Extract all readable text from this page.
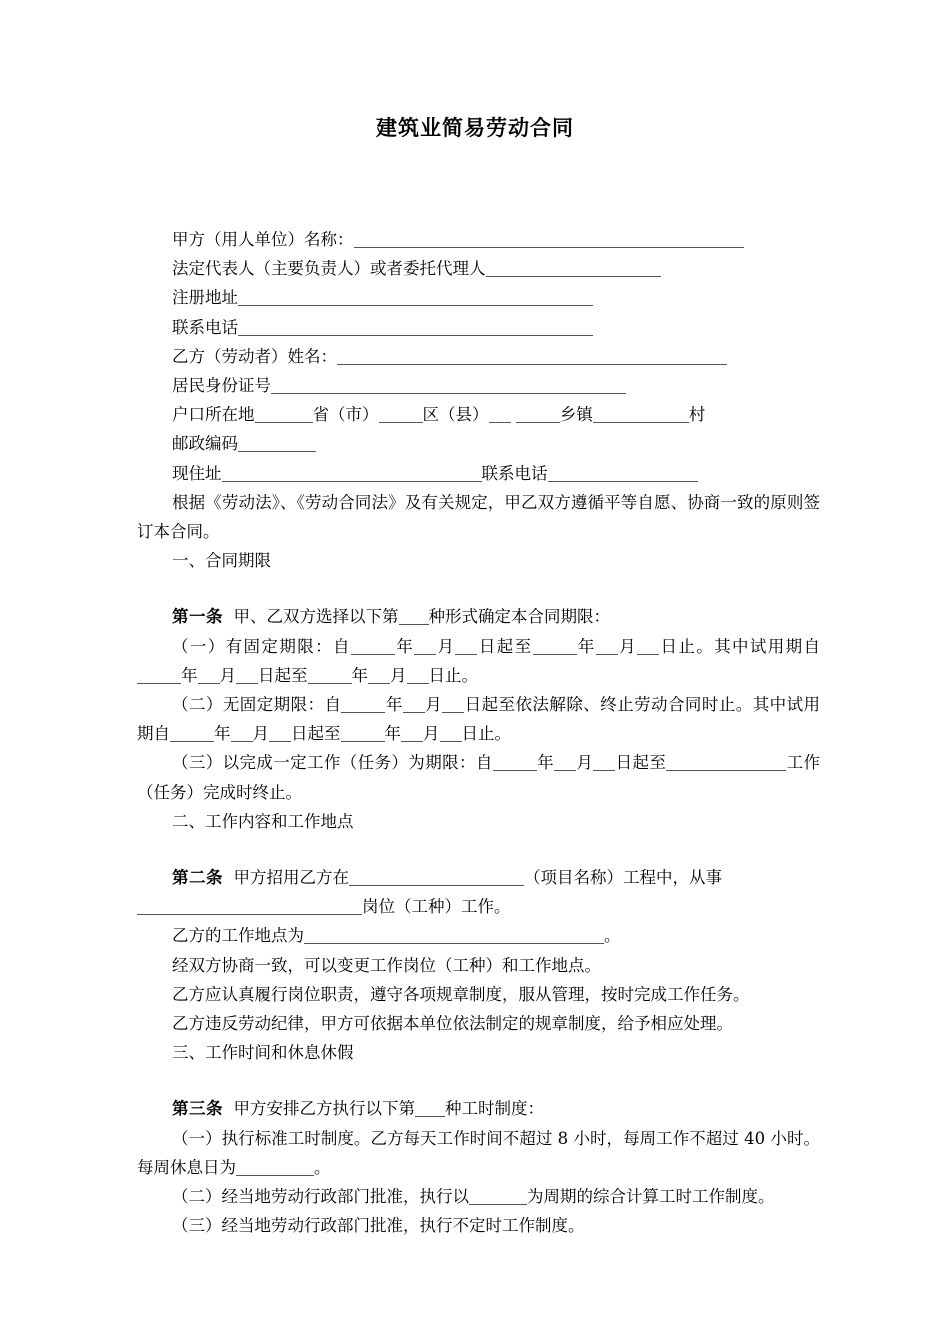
建筑业简易劳动合同
甲方（用人单位）名称：
法定代表人（主要负责人）或者委托代理人
注册地址
联系电话
乙方（劳动者）姓名：
居民身份证号
户口所在地	省（市）	区（县）	乡镇	村
邮政编码
现住址	联系电话

根据《劳动法》、《劳动合同法》及有关规定，甲乙双方遵循平等自愿、协商一致的原则签订本合同。

一、合同期限

第一条 甲、乙双方选择以下第 种形式确定本合同期限：

（一）有固定期限：自	年 月 日起至	年 月 日止。其中试用期自年 月 日起至	年 月 日止。

（二）无固定期限：自	年 月 日起至依法解除、终止劳动合同时止。其中试用期自	年 月 日起至	年 月 日止。

（三）以完成一定工作（任务）为期限：自	年 月 日起至	工作（任务）完成时终止。

二、工作内容和工作地点

第二条 甲方招用乙方在	（项目名称）工程中，从事

岗位（工种）工作。

乙方的工作地点为	。

经双方协商一致，可以变更工作岗位（工种）和工作地点。

乙方应认真履行岗位职责，遵守各项规章制度，服从管理，按时完成工作任务。

乙方违反劳动纪律，甲方可依据本单位依法制定的规章制度，给予相应处理。

三、工作时间和休息休假

第三条 甲方安排乙方执行以下第 种工时制度：

（一）执行标准工时制度。乙方每天工作时间不超过 8 小时，每周工作不超过 40 小时。每周休息日为	。

（二）经当地劳动行政部门批准，执行以	为周期的综合计算工时工作制度。

（三）经当地劳动行政部门批准，执行不定时工作制度。
